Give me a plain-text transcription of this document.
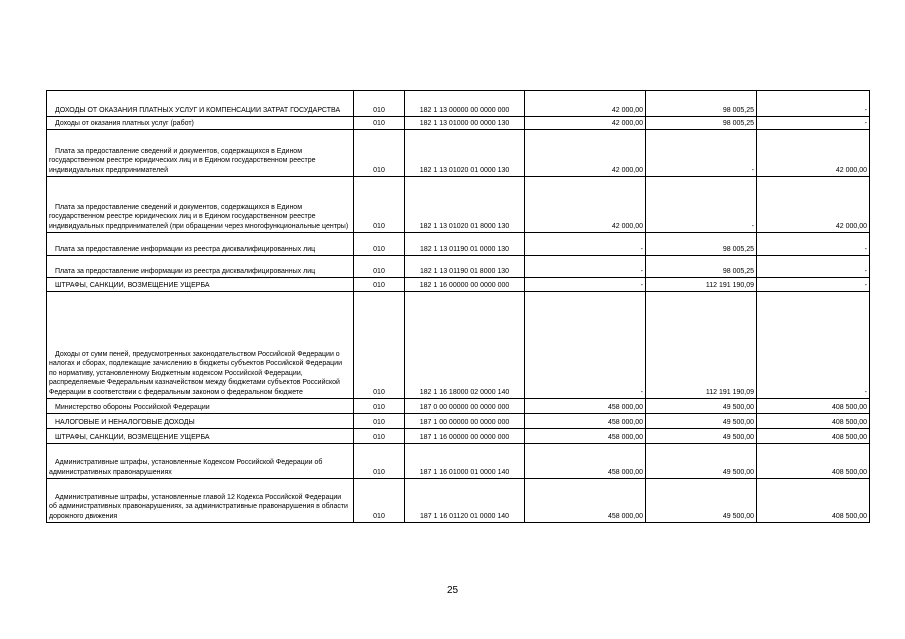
ДОХОДЫ ОТ ОКАЗАНИЯ ПЛАТНЫХ УСЛУГ И КОМПЕНСАЦИИ ЗАТРАТ ГОСУДАРСТВА	010	182 1 13 00000 00 0000 000	42 000,00	98 005,25	-
Доходы от оказания платных услуг (работ)	010	182 1 13 01000 00 0000 130	42 000,00	98 005,25	-
Плата за предоставление сведений и документов, содержащихся в Едином государственном реестре юридических лиц и в Едином государственном реестре индивидуальных предпринимателей	010	182 1 13 01020 01 0000 130	42 000,00	-	42 000,00
Плата за предоставление сведений и документов, содержащихся в Едином государственном реестре юридических лиц и в Едином государственном реестре индивидуальных предпринимателей (при обращении через многофункциональные центры)	010	182 1 13 01020 01 8000 130	42 000,00	-	42 000,00
Плата за предоставление информации из реестра дисквалифицированных лиц	010	182 1 13 01190 01 0000 130	-	98 005,25	-
Плата за предоставление информации из реестра дисквалифицированных лиц	010	182 1 13 01190 01 8000 130	-	98 005,25	-
ШТРАФЫ, САНКЦИИ, ВОЗМЕЩЕНИЕ УЩЕРБА	010	182 1 16 00000 00 0000 000	-	112 191 190,09	-
Доходы от сумм пеней, предусмотренных законодательством Российской Федерации о налогах и сборах, подлежащие зачислению в бюджеты субъектов Российской Федерации по нормативу, установленному Бюджетным кодексом Российской Федерации, распределяемые Федеральным казначейством между бюджетами субъектов Российской Федерации в соответствии с федеральным законом о федеральном бюджете	010	182 1 16 18000 02 0000 140	-	112 191 190,09	-
Министерство обороны Российской Федерации	010	187 0 00 00000 00 0000 000	458 000,00	49 500,00	408 500,00
НАЛОГОВЫЕ И НЕНАЛОГОВЫЕ ДОХОДЫ	010	187 1 00 00000 00 0000 000	458 000,00	49 500,00	408 500,00
ШТРАФЫ, САНКЦИИ, ВОЗМЕЩЕНИЕ УЩЕРБА	010	187 1 16 00000 00 0000 000	458 000,00	49 500,00	408 500,00
Административные штрафы, установленные Кодексом Российской Федерации об административных правонарушениях	010	187 1 16 01000 01 0000 140	458 000,00	49 500,00	408 500,00
Административные штрафы, установленные главой 12 Кодекса Российской Федерации об административных правонарушениях, за административные правонарушения в области дорожного движения	010	187 1 16 01120 01 0000 140	458 000,00	49 500,00	408 500,00
25
